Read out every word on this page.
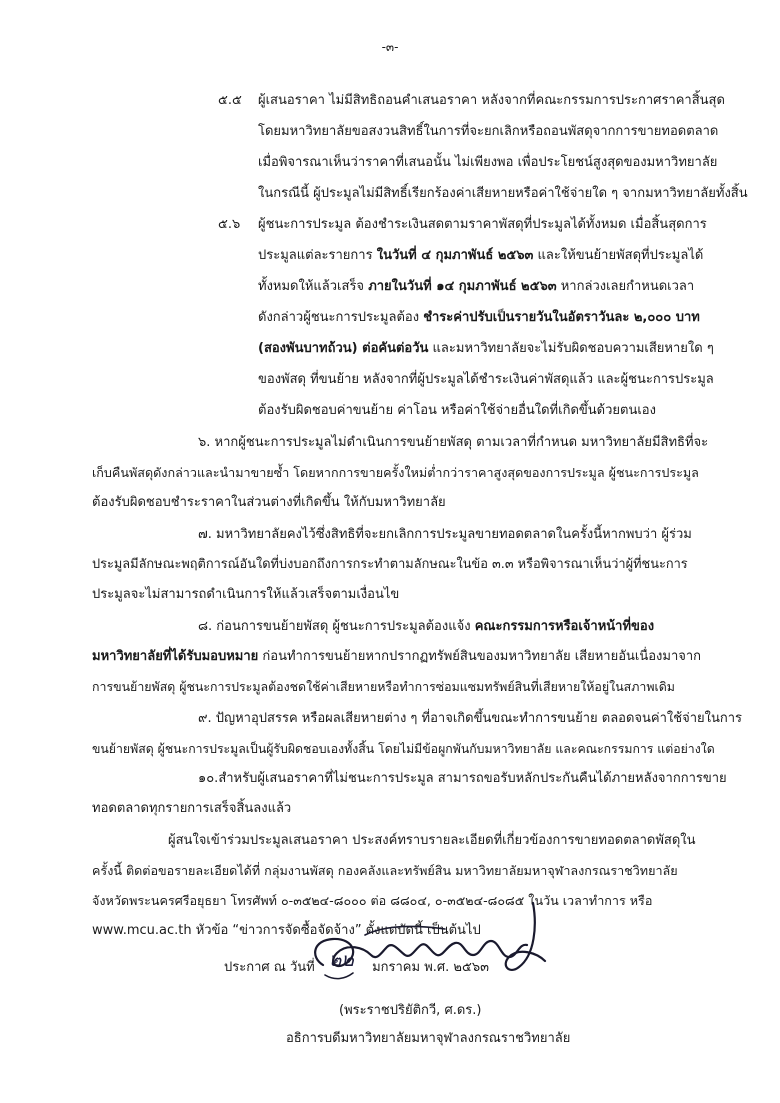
-๓-
๕.๕ ผู้เสนอราคา ไม่มีสิทธิถอนคำเสนอราคา หลังจากที่คณะกรรมการประกาศราคาสิ้นสุด
โดยมหาวิทยาลัยขอสงวนสิทธิ์ในการที่จะยกเลิกหรือถอนพัสดุจากการขายทอดตลาด
เมื่อพิจารณาเห็นว่าราคาที่เสนอนั้น ไม่เพียงพอ เพื่อประโยชน์สูงสุดของมหาวิทยาลัย
ในกรณีนี้ ผู้ประมูลไม่มีสิทธิ์เรียกร้องค่าเสียหายหรือค่าใช้จ่ายใด ๆ จากมหาวิทยาลัยทั้งสิ้น
๕.๖ ผู้ชนะการประมูล ต้องชำระเงินสดตามราคาพัสดุที่ประมูลได้ทั้งหมด เมื่อสิ้นสุดการ
ประมูลแต่ละรายการ ในวันที่ ๔ กุมภาพันธ์ ๒๕๖๓ และให้ขนย้ายพัสดุที่ประมูลได้
ทั้งหมดให้แล้วเสร็จ ภายในวันที่ ๑๔ กุมภาพันธ์ ๒๕๖๓ หากล่วงเลยกำหนดเวลา
ดังกล่าวผู้ชนะการประมูลต้อง ชำระค่าปรับเป็นรายวันในอัตราวันละ ๒,๐๐๐ บาท
(สองพันบาทถ้วน) ต่อคันต่อวัน และมหาวิทยาลัยจะไม่รับผิดชอบความเสียหายใด ๆ
ของพัสดุ ที่ขนย้าย หลังจากที่ผู้ประมูลได้ชำระเงินค่าพัสดุแล้ว และผู้ชนะการประมูล
ต้องรับผิดชอบค่าขนย้าย ค่าโอน หรือค่าใช้จ่ายอื่นใดที่เกิดขึ้นด้วยตนเอง
๖. หากผู้ชนะการประมูลไม่ดำเนินการขนย้ายพัสดุ ตามเวลาที่กำหนด มหาวิทยาลัยมีสิทธิที่จะ
เก็บคืนพัสดุดังกล่าวและนำมาขายซ้ำ โดยหากการขายครั้งใหม่ต่ำกว่าราคาสูงสุดของการประมูล ผู้ชนะการประมูล
ต้องรับผิดชอบชำระราคาในส่วนต่างที่เกิดขึ้น ให้กับมหาวิทยาลัย
๗. มหาวิทยาลัยคงไว้ซึ่งสิทธิที่จะยกเลิกการประมูลขายทอดตลาดในครั้งนี้หากพบว่า ผู้ร่วม
ประมูลมีลักษณะพฤติการณ์อันใดที่บ่งบอกถึงการกระทำตามลักษณะในข้อ ๓.๓ หรือพิจารณาเห็นว่าผู้ที่ชนะการ
ประมูลจะไม่สามารถดำเนินการให้แล้วเสร็จตามเงื่อนไข
๘. ก่อนการขนย้ายพัสดุ ผู้ชนะการประมูลต้องแจ้ง คณะกรรมการหรือเจ้าหน้าที่ของ
มหาวิทยาลัยที่ได้รับมอบหมาย ก่อนทำการขนย้ายหากปรากฏทรัพย์สินของมหาวิทยาลัย เสียหายอันเนื่องมาจาก
การขนย้ายพัสดุ ผู้ชนะการประมูลต้องชดใช้ค่าเสียหายหรือทำการซ่อมแซมทรัพย์สินที่เสียหายให้อยู่ในสภาพเดิม
๙. ปัญหาอุปสรรค หรือผลเสียหายต่าง ๆ ที่อาจเกิดขึ้นขณะทำการขนย้าย ตลอดจนค่าใช้จ่ายในการ
ขนย้ายพัสดุ ผู้ชนะการประมูลเป็นผู้รับผิดชอบเองทั้งสิ้น โดยไม่มีข้อผูกพันกับมหาวิทยาลัย และคณะกรรมการ แต่อย่างใด
๑๐.สำหรับผู้เสนอราคาที่ไม่ชนะการประมูล สามารถขอรับหลักประกันคืนได้ภายหลังจากการขาย
ทอดตลาดทุกรายการเสร็จสิ้นลงแล้ว
ผู้สนใจเข้าร่วมประมูลเสนอราคา ประสงค์ทราบรายละเอียดที่เกี่ยวข้องการขายทอดตลาดพัสดุใน
ครั้งนี้ ติดต่อขอรายละเอียดได้ที่ กลุ่มงานพัสดุ กองคลังและทรัพย์สิน มหาวิทยาลัยมหาจุฬาลงกรณราชวิทยาลัย
จังหวัดพระนครศรีอยุธยา โทรศัพท์ ๐-๓๕๒๔-๘๐๐๐ ต่อ ๘๘๐๔, ๐-๓๕๒๔-๘๐๘๕ ในวัน เวลาทำการ หรือ
www.mcu.ac.th หัวข้อ “ข่าวการจัดซื้อจัดจ้าง” ตั้งแต่บัดนี้ เป็นต้นไป
ประกาศ ณ วันที่ ๒๒ มกราคม พ.ศ. ๒๕๖๓
(พระราชปริยัติกวี, ศ.ดร.)
อธิการบดีมหาวิทยาลัยมหาจุฬาลงกรณราชวิทยาลัย
